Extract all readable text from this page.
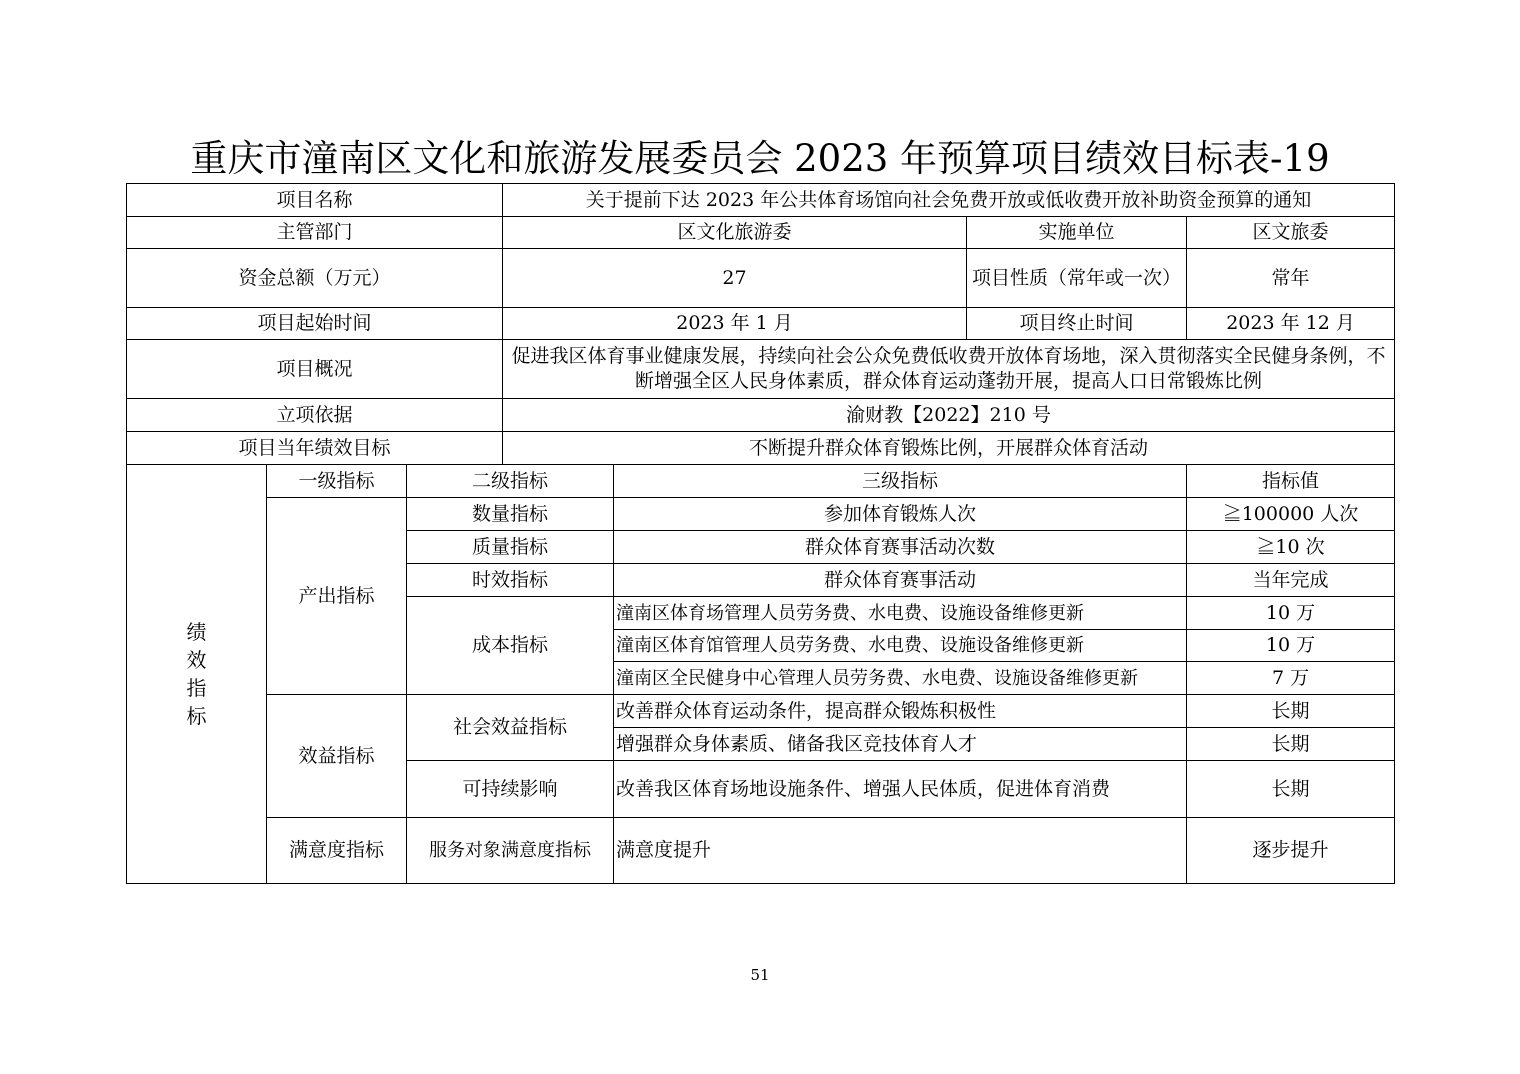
重庆市潼南区文化和旅游发展委员会 2023 年预算项目绩效目标表-19
项目名称			关于提前下达 2023 年公共体育场馆向社会免费开放或低收费开放补助资金预算的通知			
主管部门			区文化旅游委		实施单位	区文旅委
资金总额（万元）			27		项目性质（常年或一次）	常年
项目起始时间			2023 年 1 月		项目终止时间	2023 年 12 月
项目概况			促进我区体育事业健康发展，持续向社会公众免费低收费开放体育场地，深入贯彻落实全民健身条例，不断增强全区人民身体素质，群众体育运动蓬勃开展，提高人口日常锻炼比例			
立项依据			渝财教【2022】210 号			
项目当年绩效目标			不断提升群众体育锻炼比例，开展群众体育活动			
绩效指标	一级指标	二级指标		三级指标		指标值
	产出指标	数量指标		参加体育锻炼人次		≧100000 人次
		质量指标		群众体育赛事活动次数		≧10 次
		时效指标		群众体育赛事活动		当年完成
		成本指标		潼南区体育场管理人员劳务费、水电费、设施设备维修更新		10 万
				潼南区体育馆管理人员劳务费、水电费、设施设备维修更新		10 万
				潼南区全民健身中心管理人员劳务费、水电费、设施设备维修更新		7 万
	效益指标	社会效益指标		改善群众体育运动条件，提高群众锻炼积极性		长期
				增强群众身体素质、储备我区竞技体育人才		长期
		可持续影响		改善我区体育场地设施条件、增强人民体质，促进体育消费		长期
	满意度指标	服务对象满意度指标		满意度提升		逐步提升
51
